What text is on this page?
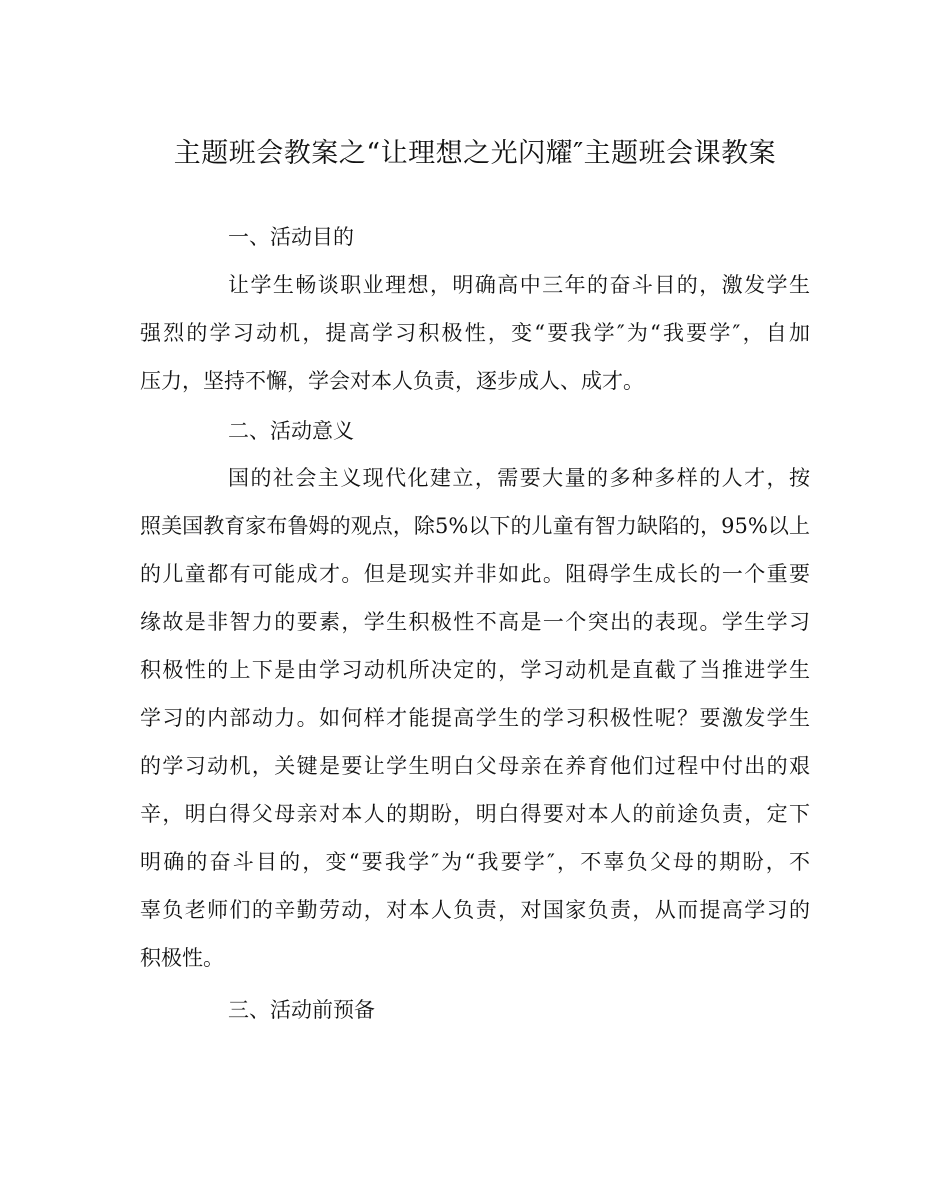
主题班会教案之“让理想之光闪耀″主题班会课教案
一、活动目的
让学生畅谈职业理想，明确高中三年的奋斗目的，激发学生
强烈的学习动机，提高学习积极性，变“要我学″为“我要学″，自加
压力，坚持不懈，学会对本人负责，逐步成人、成才。
二、活动意义
国的社会主义现代化建立，需要大量的多种多样的人才，按
照美国教育家布鲁姆的观点，除5%以下的儿童有智力缺陷的，95%以上
的儿童都有可能成才。但是现实并非如此。阻碍学生成长的一个重要
缘故是非智力的要素，学生积极性不高是一个突出的表现。学生学习
积极性的上下是由学习动机所决定的，学习动机是直截了当推进学生
学习的内部动力。如何样才能提高学生的学习积极性呢？要激发学生
的学习动机，关键是要让学生明白父母亲在养育他们过程中付出的艰
辛，明白得父母亲对本人的期盼，明白得要对本人的前途负责，定下
明确的奋斗目的，变“要我学″为“我要学″，不辜负父母的期盼，不
辜负老师们的辛勤劳动，对本人负责，对国家负责，从而提高学习的
积极性。
三、活动前预备
